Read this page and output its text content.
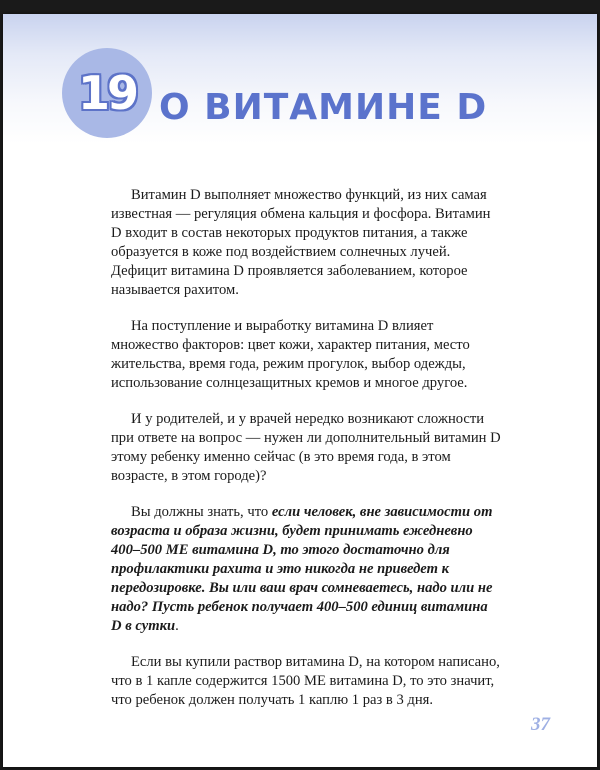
19 О ВИТАМИНЕ D

Витамин D выполняет множество функций, из них самая известная — регуляция обмена кальция и фосфора. Витамин D входит в состав некоторых продуктов питания, а также образуется в коже под воздействием солнечных лучей. Дефицит витамина D проявляется заболеванием, которое называется рахитом.

На поступление и выработку витамина D влияет множество факторов: цвет кожи, характер питания, место жительства, время года, режим прогулок, выбор одежды, использование солнцезащитных кремов и многое другое.

И у родителей, и у врачей нередко возникают сложности при ответе на вопрос — нужен ли дополнительный витамин D этому ребенку именно сейчас (в это время года, в этом возрасте, в этом городе)?

Вы должны знать, что если человек, вне зависимости от возраста и образа жизни, будет принимать ежедневно 400–500 МЕ витамина D, то этого достаточно для профилактики рахита и это никогда не приведет к передозировке. Вы или ваш врач сомневаетесь, надо или не надо? Пусть ребенок получает 400–500 единиц витамина D в сутки.

Если вы купили раствор витамина D, на котором написано, что в 1 капле содержится 1500 МЕ витамина D, то это значит, что ребенок должен получать 1 каплю 1 раз в 3 дня.

37
